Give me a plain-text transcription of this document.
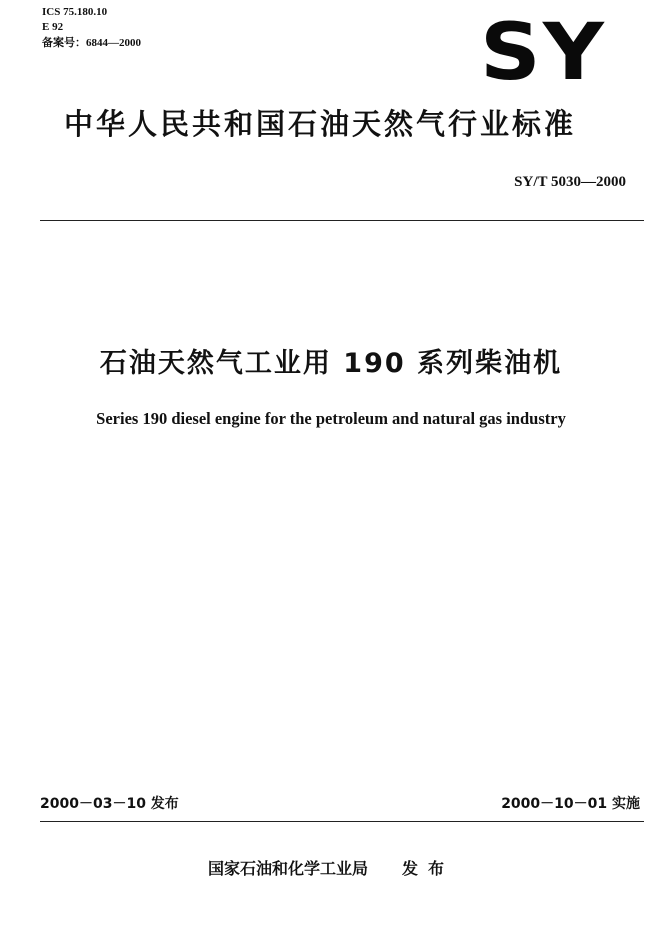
ICS 75.180.10
E 92
备案号：6844—2000	SY
中华人民共和国石油天然气行业标准
SY/T 5030—2000
石油天然气工业用 190 系列柴油机
Series 190 diesel engine for the petroleum and natural gas industry
2000－03－10 发布	2000－10－01 实施
国家石油和化学工业局 发布
